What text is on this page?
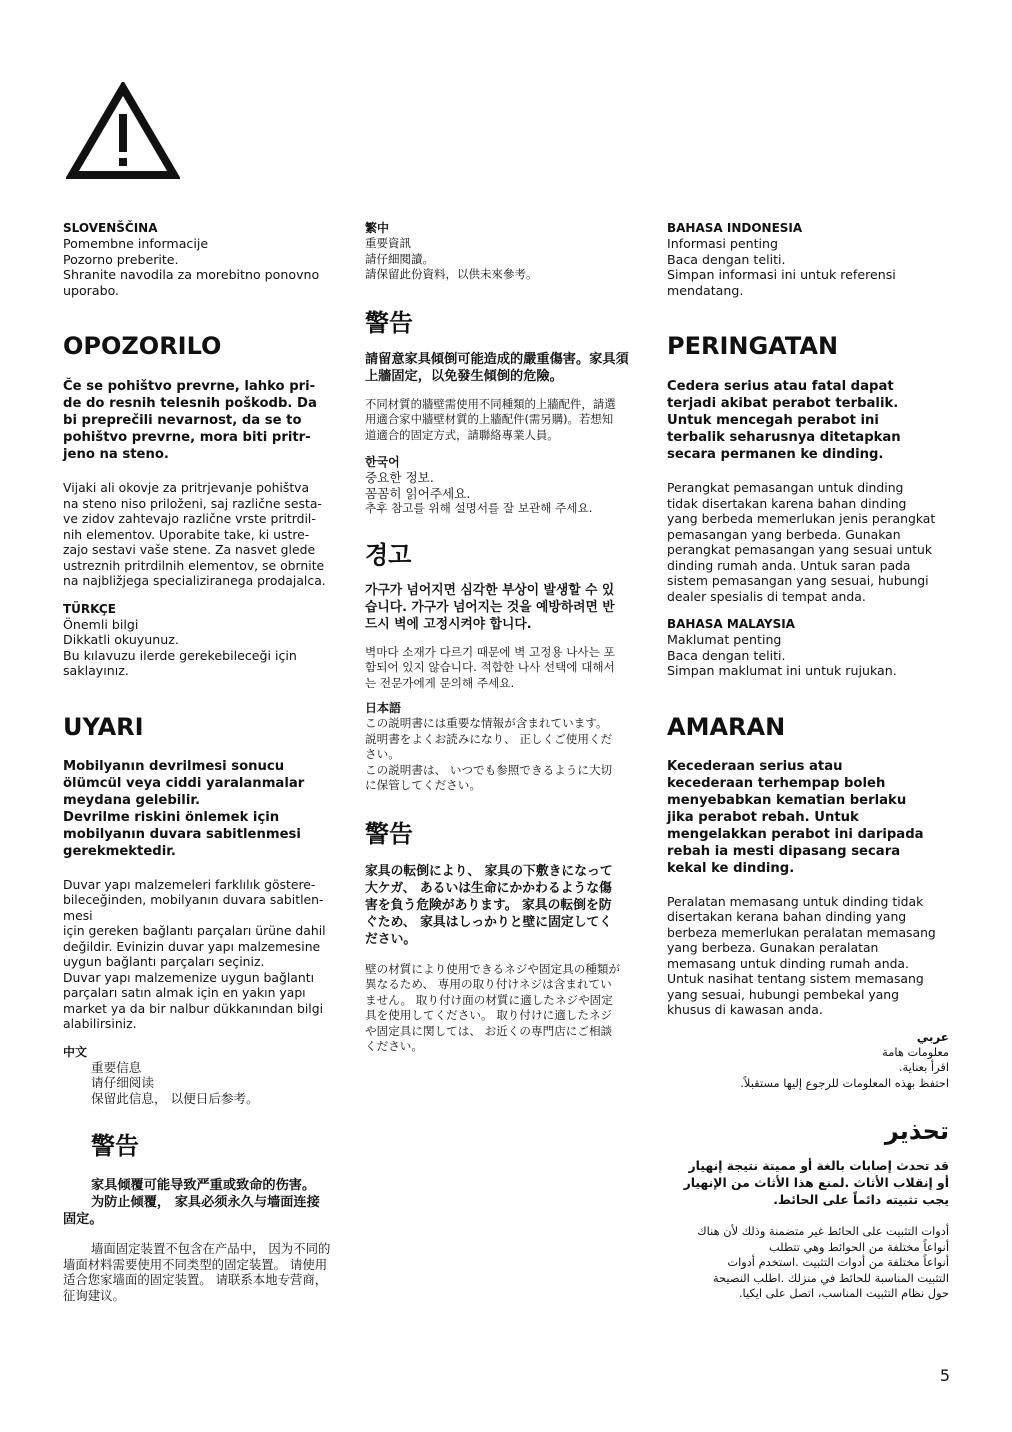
SLOVENŠČINA

Pomembne informacije

Pozorno preberite.

Shranite navodila za morebitno ponovno uporabo.

OPOZORILO

Če se pohištvo prevrne, lahko pri-

de do resnih telesnih poškodb. Da

bi preprečili nevarnost, da se to

pohištvo prevrne, mora biti pritr-

jeno na steno.

Vijaki ali okovje za pritrjevanje pohištva

na steno niso priloženi, saj različne sesta-

ve zidov zahtevajo različne vrste pritrdil-

nih elementov. Uporabite take, ki ustre-

zajo sestavi vaše stene. Za nasvet glede

ustreznih pritrdilnih elementov, se obrnite

na najbližjega specializiranega prodajalca.

TÜRKÇE

Önemli bilgi

Dikkatli okuyunuz.

Bu kılavuzu ilerde gerekebileceği için saklayınız.

UYARI

Mobilyanın devrilmesi sonucu

ölümcül veya ciddi yaralanmalar

meydana gelebilir.

Devrilme riskini önlemek için

mobilyanın duvara sabitlenmesi

gerekmektedir.

Duvar yapı malzemeleri farklılık göstere-

bileceğinden, mobilyanın duvara sabitlen-

mesi

için gereken bağlantı parçaları ürüne dahil

değildir. Evinizin duvar yapı malzemesine

uygun bağlantı parçaları seçiniz.

Duvar yapı malzemenize uygun bağlantı

parçaları satın almak için en yakın yapı

market ya da bir nalbur dükkanından bilgi

alabilirsiniz.

中文

重要信息

请仔细阅读

保留此信息， 以便日后参考。

警告

家具倾覆可能导致严重或致命的伤害。

为防止倾覆， 家具必须永久与墙面连接

固定。

墙面固定装置不包含在产品中， 因为不同的

墙面材料需要使用不同类型的固定装置。 请使用

适合您家墙面的固定装置。 请联系本地专营商，

征询建议。

繁中

重要資訊

請仔細閱讀。

請保留此份資料，以供未來參考。

警告

請留意家具傾倒可能造成的嚴重傷害。家具須

上牆固定，以免發生傾倒的危險。

不同材質的牆壁需使用不同種類的上牆配件，請選

用適合家中牆壁材質的上牆配件(需另購)。若想知

道適合的固定方式，請聯絡專業人員。

한국어

중요한 정보.

꼼꼼히 읽어주세요.

추후 참고를 위해 설명서를 잘 보관해 주세요.

경고

가구가 넘어지면 심각한 부상이 발생할 수 있

습니다. 가구가 넘어지는 것을 예방하려면 반

드시 벽에 고정시켜야 합니다.

벽마다 소재가 다르기 때문에 벽 고정용 나사는 포

함되어 있지 않습니다. 적합한 나사 선택에 대해서

는 전문가에게 문의해 주세요.

日本語

この説明書には重要な情報が含まれています。

説明書をよくお読みになり、 正しくご使用くだ

さい。

この説明書は、 いつでも参照できるように大切

に保管してください。

警告

家具の転倒により、 家具の下敷きになって

大ケガ、 あるいは生命にかかわるような傷

害を負う危険があります。 家具の転倒を防

ぐため、 家具はしっかりと壁に固定してく

ださい。

壁の材質により使用できるネジや固定具の種類が

異なるため、 専用の取り付けネジは含まれてい

ません。 取り付け面の材質に適したネジや固定

具を使用してください。 取り付けに適したネジ

や固定具に関しては、 お近くの専門店にご相談

ください。

BAHASA INDONESIA

Informasi penting

Baca dengan teliti.

Simpan informasi ini untuk referensi

mendatang.

PERINGATAN

Cedera serius atau fatal dapat

terjadi akibat perabot terbalik.

Untuk mencegah perabot ini

terbalik seharusnya ditetapkan

secara permanen ke dinding.

Perangkat pemasangan untuk dinding

tidak disertakan karena bahan dinding

yang berbeda memerlukan jenis perangkat

pemasangan yang berbeda. Gunakan

perangkat pemasangan yang sesuai untuk

dinding rumah anda. Untuk saran pada

sistem pemasangan yang sesuai, hubungi

dealer spesialis di tempat anda.

BAHASA MALAYSIA

Maklumat penting

Baca dengan teliti.

Simpan maklumat ini untuk rujukan.

AMARAN

Kecederaan serius atau

kecederaan terhempap boleh

menyebabkan kematian berlaku

jika perabot rebah. Untuk

mengelakkan perabot ini daripada

rebah ia mesti dipasang secara

kekal ke dinding.

Peralatan memasang untuk dinding tidak

disertakan kerana bahan dinding yang

berbeza memerlukan peralatan memasang

yang berbeza. Gunakan peralatan

memasang untuk dinding rumah anda.

Untuk nasihat tentang sistem memasang

yang sesuai, hubungi pembekal yang

khusus di kawasan anda.

عربي

معلومات هامة

اقرأ بعناية.

احتفظ بهذه المعلومات للرجوع إليها مستقبلاً.

تحذير

قد تحدث إصابات بالغة أو مميتة نتيجة إنهيار

أو إنقلاب الأثاث .لمنع هذا الأثاث من الإنهيار

يجب تثبيته دائماً على الحائط.

أدوات التثبيت على الحائط غير متضمنة وذلك لأن هناك

أنواعاً مختلفة من الحوائط وهي تتطلب

أنواعاً مختلفة من أدوات التثبيت .استخدم أدوات

التثبيت المناسبة للحائط في منزلك .اطلب النصيحة

حول نظام التثبيت المناسب، اتصل على ايكيا.

5
